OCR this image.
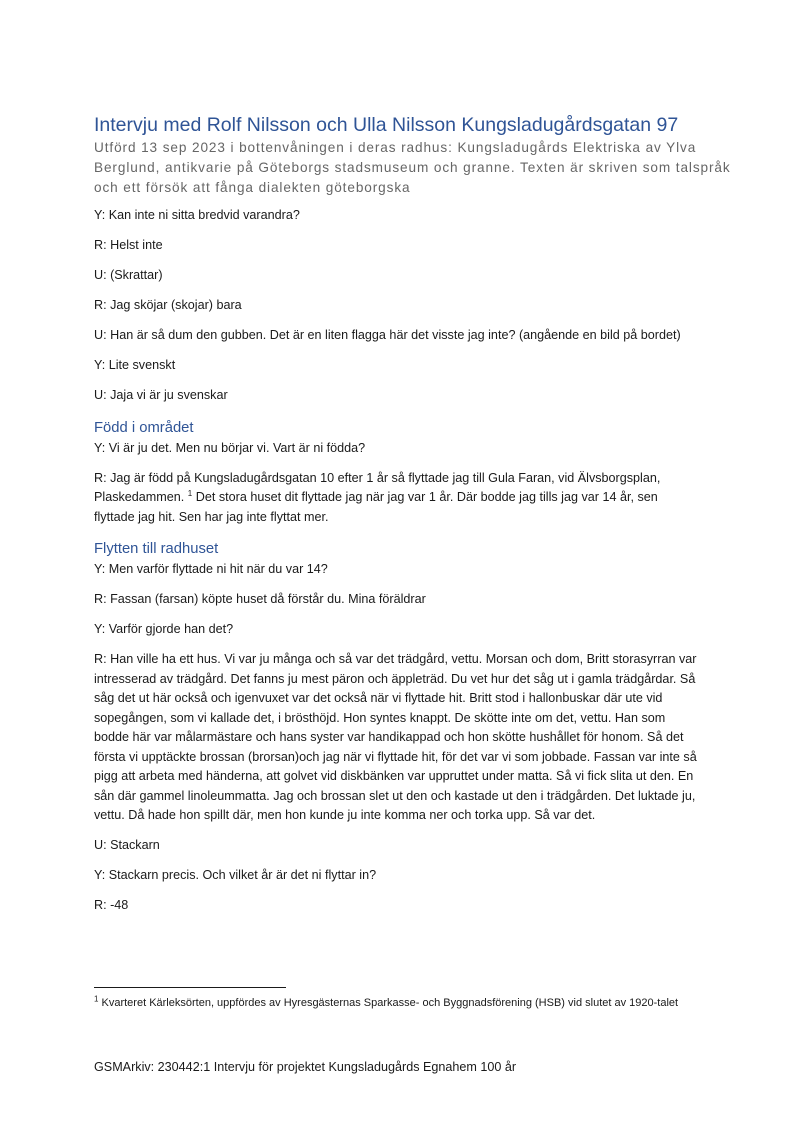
Intervju med Rolf Nilsson och Ulla Nilsson Kungsladugårdsgatan 97
Utförd 13 sep 2023 i bottenvåningen i deras radhus: Kungsladugårds Elektriska av Ylva Berglund, antikvarie på Göteborgs stadsmuseum och granne. Texten är skriven som talspråk och ett försök att fånga dialekten göteborgska

Y: Kan inte ni sitta bredvid varandra?

R: Helst inte

U: (Skrattar)

R: Jag sköjar (skojar) bara

U: Han är så dum den gubben. Det är en liten flagga här det visste jag inte? (angående en bild på bordet)

Y: Lite svenskt

U: Jaja vi är ju svenskar

Född i området

Y: Vi är ju det. Men nu börjar vi. Vart är ni födda?

R: Jag är född på Kungsladugårdsgatan 10 efter 1 år så flyttade jag till Gula Faran, vid Älvsborgsplan, Plaskedammen. $^1$ Det stora huset dit flyttade jag när jag var 1 år. Där bodde jag tills jag var 14 år, sen flyttade jag hit. Sen har jag inte flyttat mer.

Flytten till radhuset

Y: Men varför flyttade ni hit när du var 14?

R: Fassan (farsan) köpte huset då förstår du. Mina föräldrar

Y: Varför gjorde han det?

R: Han ville ha ett hus. Vi var ju många och så var det trädgård, vettu. Morsan och dom, Britt storasyrran var intresserad av trädgård. Det fanns ju mest päron och äppleträd. Du vet hur det såg ut i gamla trädgårdar. Så såg det ut här också och igenvuxet var det också när vi flyttade hit. Britt stod i hallonbuskar där ute vid sopegången, som vi kallade det, i brösthöjd. Hon syntes knappt. De skötte inte om det, vettu. Han som bodde här var målarmästare och hans syster var handikappad och hon skötte hushållet för honom. Så det första vi upptäckte brossan (brorsan)och jag när vi flyttade hit, för det var vi som jobbade. Fassan var inte så pigg att arbeta med händerna, att golvet vid diskbänken var uppruttet under matta. Så vi fick slita ut den. En sån där gammel linoleummatta. Jag och brossan slet ut den och kastade ut den i trädgården. Det luktade ju, vettu. Då hade hon spillt där, men hon kunde ju inte komma ner och torka upp. Så var det.

U: Stackarn

Y: Stackarn precis. Och vilket år är det ni flyttar in?

R: -48

$^1$ Kvarteret Kärleksörten, uppfördes av Hyresgästernas Sparkasse- och Byggnadsförening (HSB) vid slutet av 1920-talet
GSMArkiv: 230442:1 Intervju för projektet Kungsladugårds Egnahem 100 år
